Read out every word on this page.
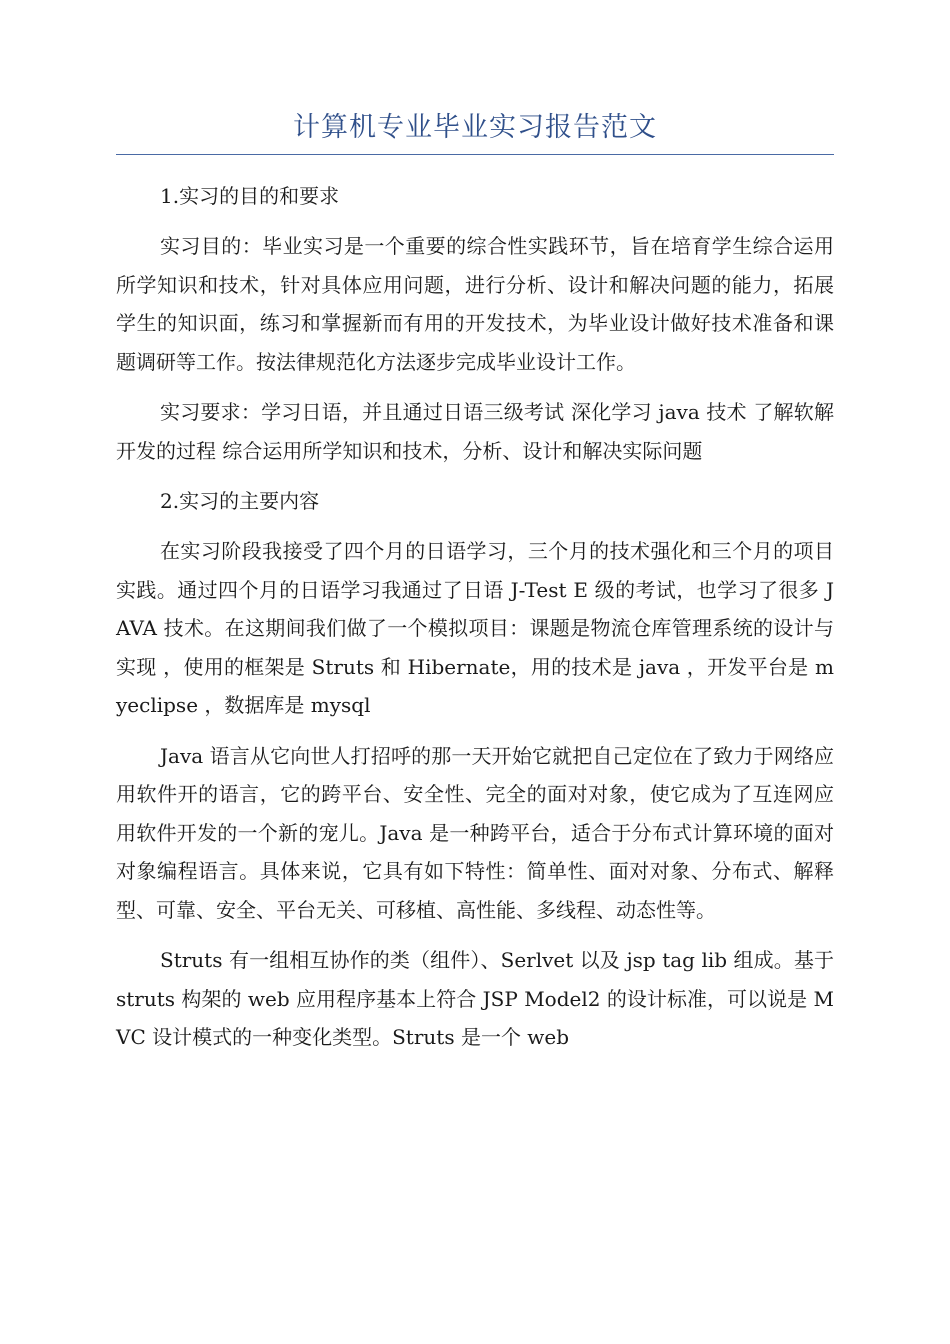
计算机专业毕业实习报告范文
1.实习的目的和要求

实习目的：毕业实习是一个重要的综合性实践环节，旨在培育学生综合运用所学知识和技术，针对具体应用问题，进行分析、设计和解决问题的能力，拓展学生的知识面，练习和掌握新而有用的开发技术，为毕业设计做好技术准备和课题调研等工作。按法律规范化方法逐步完成毕业设计工作。

实习要求：学习日语，并且通过日语三级考试 深化学习 java 技术 了解软解开发的过程 综合运用所学知识和技术，分析、设计和解决实际问题

2.实习的主要内容

在实习阶段我接受了四个月的日语学习，三个月的技术强化和三个月的项目实践。通过四个月的日语学习我通过了日语 J-Test E 级的考试，也学习了很多 JAVA 技术。在这期间我们做了一个模拟项目：课题是物流仓库管理系统的设计与实现 ，使用的框架是 Struts 和 Hibernate，用的技术是 java ，开发平台是 myeclipse ，数据库是 mysql

Java 语言从它向世人打招呼的那一天开始它就把自己定位在了致力于网络应用软件开的语言，它的跨平台、安全性、完全的面对对象，使它成为了互连网应用软件开发的一个新的宠儿。Java 是一种跨平台，适合于分布式计算环境的面对对象编程语言。具体来说，它具有如下特性：简单性、面对对象、分布式、解释型、可靠、安全、平台无关、可移植、高性能、多线程、动态性等。

Struts 有一组相互协作的类（组件）、Serlvet 以及 jsp tag lib 组成。基于 struts 构架的 web 应用程序基本上符合 JSP Model2 的设计标准，可以说是 MVC 设计模式的一种变化类型。Struts 是一个 web
